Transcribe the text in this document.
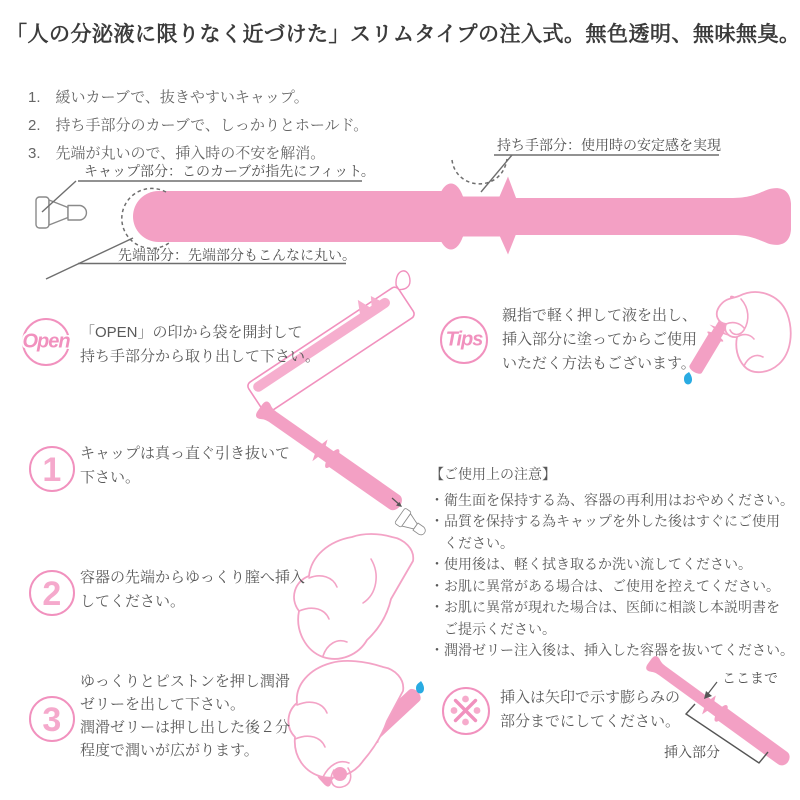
「人の分泌液に限りなく近づけた」スリムタイプの注入式。無色透明、無味無臭。
1.　緩いカーブで、抜きやすいキャップ。
2.　持ち手部分のカーブで、しっかりとホールド。
3.　先端が丸いので、挿入時の不安を解消。
キャップ部分：このカーブが指先にフィット。
持ち手部分：使用時の安定感を実現
先端部分：先端部分もこんなに丸い。
Open 「OPEN」の印から袋を開封して
持ち手部分から取り出して下さい。
Tips
親指で軽く押して液を出し、
挿入部分に塗ってからご使用
いただく方法もございます。
1 キャップは真っ直ぐ引き抜いて
下さい。
2 容器の先端からゆっくり膣へ挿入
してください。
3
ゆっくりとピストンを押し潤滑
ゼリーを出して下さい。
潤滑ゼリーは押し出した後２分
程度で潤いが広がります。
【ご使用上の注意】
・衛生面を保持する為、容器の再利用はおやめください。
・品質を保持する為キャップを外した後はすぐにご使用
　ください。
・使用後は、軽く拭き取るか洗い流してください。
・お肌に異常がある場合は、ご使用を控えてください。
・お肌に異常が現れた場合は、医師に相談し本説明書を
　ご提示ください。
・潤滑ゼリー注入後は、挿入した容器を抜いてください。
挿入は矢印で示す膨らみの
部分までにしてください。
ここまで
挿入部分
